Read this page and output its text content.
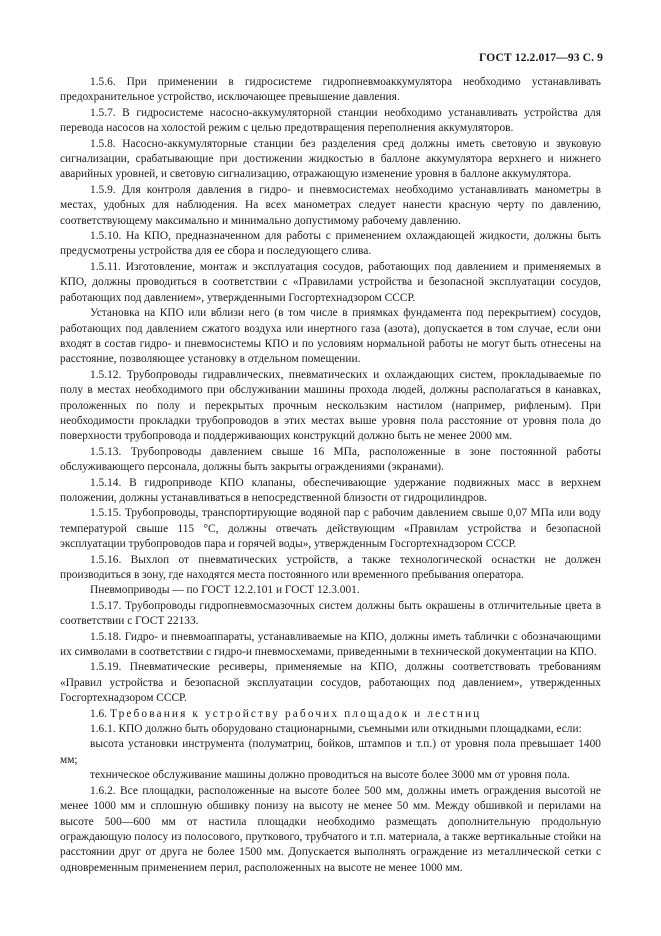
ГОСТ 12.2.017—93 С. 9

1.5.6. При применении в гидросистеме гидропневмоаккумулятора необходимо устанавливать предохранительное устройство, исключающее превышение давления.

1.5.7. В гидросистеме насосно-аккумуляторной станции необходимо устанавливать устройства для перевода насосов на холостой режим с целью предотвращения переполнения аккумуляторов.

1.5.8. Насосно-аккумуляторные станции без разделения сред должны иметь световую и звуковую сигнализации, срабатывающие при достижении жидкостью в баллоне аккумулятора верхнего и нижнего аварийных уровней, и световую сигнализацию, отражающую изменение уровня в баллоне аккумулятора.

1.5.9. Для контроля давления в гидро- и пневмосистемах необходимо устанавливать манометры в местах, удобных для наблюдения. На всех манометрах следует нанести красную черту по давлению, соответствующему максимально и минимально допустимому рабочему давлению.

1.5.10. На КПО, предназначенном для работы с применением охлаждающей жидкости, должны быть предусмотрены устройства для ее сбора и последующего слива.

1.5.11. Изготовление, монтаж и эксплуатация сосудов, работающих под давлением и применяемых в КПО, должны проводиться в соответствии с «Правилами устройства и безопасной эксплуатации сосудов, работающих под давлением», утвержденными Госгортехнадзором СССР.

Установка на КПО или вблизи него (в том числе в приямках фундамента под перекрытием) сосудов, работающих под давлением сжатого воздуха или инертного газа (азота), допускается в том случае, если они входят в состав гидро- и пневмосистемы КПО и по условиям нормальной работы не могут быть отнесены на расстояние, позволяющее установку в отдельном помещении.

1.5.12. Трубопроводы гидравлических, пневматических и охлаждающих систем, прокладываемые по полу в местах необходимого при обслуживании машины прохода людей, должны располагаться в канавках, проложенных по полу и перекрытых прочным нескользким настилом (например, рифленым). При необходимости прокладки трубопроводов в этих местах выше уровня пола расстояние от уровня пола до поверхности трубопровода и поддерживающих конструкций должно быть не менее 2000 мм.

1.5.13. Трубопроводы давлением свыше 16 МПа, расположенные в зоне постоянной работы обслуживающего персонала, должны быть закрыты ограждениями (экранами).

1.5.14. В гидроприводе КПО клапаны, обеспечивающие удержание подвижных масс в верхнем положении, должны устанавливаться в непосредственной близости от гидроцилиндров.

1.5.15. Трубопроводы, транспортирующие водяной пар с рабочим давлением свыше 0,07 МПа или воду температурой свыше 115 °С, должны отвечать действующим «Правилам устройства и безопасной эксплуатации трубопроводов пара и горячей воды», утвержденным Госгортехнадзором СССР.

1.5.16. Выхлоп от пневматических устройств, а также технологической оснастки не должен производиться в зону, где находятся места постоянного или временного пребывания оператора.

Пневмоприводы — по ГОСТ 12.2.101 и ГОСТ 12.3.001.

1.5.17. Трубопроводы гидропневмосмазочных систем должны быть окрашены в отличительные цвета в соответствии с ГОСТ 22133.

1.5.18. Гидро- и пневмоаппараты, устанавливаемые на КПО, должны иметь таблички с обозначающими их символами в соответствии с гидро-и пневмосхемами, приведенными в технической документации на КПО.

1.5.19. Пневматические ресиверы, применяемые на КПО, должны соответствовать требованиям «Правил устройства и безопасной эксплуатации сосудов, работающих под давлением», утвержденных Госгортехнадзором СССР.

1.6. Требования к устройству рабочих площадок и лестниц

1.6.1. КПО должно быть оборудовано стационарными, съемными или откидными площадками, если:

высота установки инструмента (полуматриц, бойков, штампов и т.п.) от уровня пола превышает 1400 мм;

техническое обслуживание машины должно проводиться на высоте более 3000 мм от уровня пола.

1.6.2. Все площадки, расположенные на высоте более 500 мм, должны иметь ограждения высотой не менее 1000 мм и сплошную обшивку понизу на высоту не менее 50 мм. Между обшивкой и перилами на высоте 500—600 мм от настила площадки необходимо размещать дополнительную продольную ограждающую полосу из полосового, пруткового, трубчатого и т.п. материала, а также вертикальные стойки на расстоянии друг от друга не более 1500 мм. Допускается выполнять ограждение из металлической сетки с одновременным применением перил, расположенных на высоте не менее 1000 мм.
